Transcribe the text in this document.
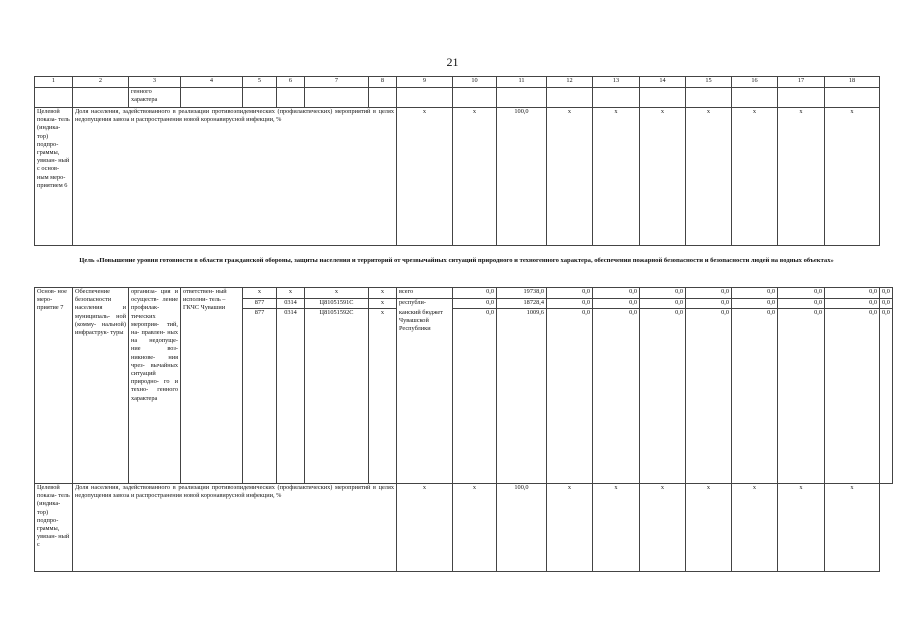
21
1	2	3	4	5	6	7	8	9	10	11	12	13	14	15	16	17	18
		генного характера															
Целевой показа- тель (индика- тор) подпро- граммы, увязан- ный с основ- ным меро- приятием 6	Доля населения, задействованного в реализации противоэпидемических (профилактических) мероприятий в целях недопущения завоза и распространения новой коронавирусной инфекции, %							х	х	100,0	х	х	х	х	х	х	х
Цель «Повышение уровня готовности в области гражданской обороны, защиты населения и территорий от чрезвычайных ситуаций природного и техногенного характера, обеспечения пожарной безопасности и безопасности людей на водных объектах»
Основ- ное меро- приятие 7	Обеспечение безопасности населения и муниципаль- ной (комму- нальной) инфраструк- туры	организа- ция и осуществ- ление профилак- тических мероприя- тий, на- правлен- ных на недопуще- ние воз- никнове- ния чрез- вычайных ситуаций природно- го и техно- генного характера	ответствен- ный исполни- тель – ГКЧС Чувашии	х	х	х	х	всего	0,0	19738,0	0,0	0,0	0,0	0,0	0,0	0,0	0,0	0,0
				877	0314	Ц81051591С	х	республи-	0,0	18728,4	0,0	0,0	0,0	0,0	0,0	0,0	0,0	0,0
				877	0314	Ц81051592С	х	канский бюджет Чувашской Республики	0,0	1009,6	0,0	0,0	0,0	0,0	0,0	0,0	0,0	0,0
Целевой показа- тель (индика- тор) подпро- граммы, увязан- ный с	Доля населения, задействованного в реализации противоэпидемических (профилактических) мероприятий в целях недопущения завоза и распространения новой коронавирусной инфекции, %							х	х	100,0	х	х	х	х	х	х	х	
